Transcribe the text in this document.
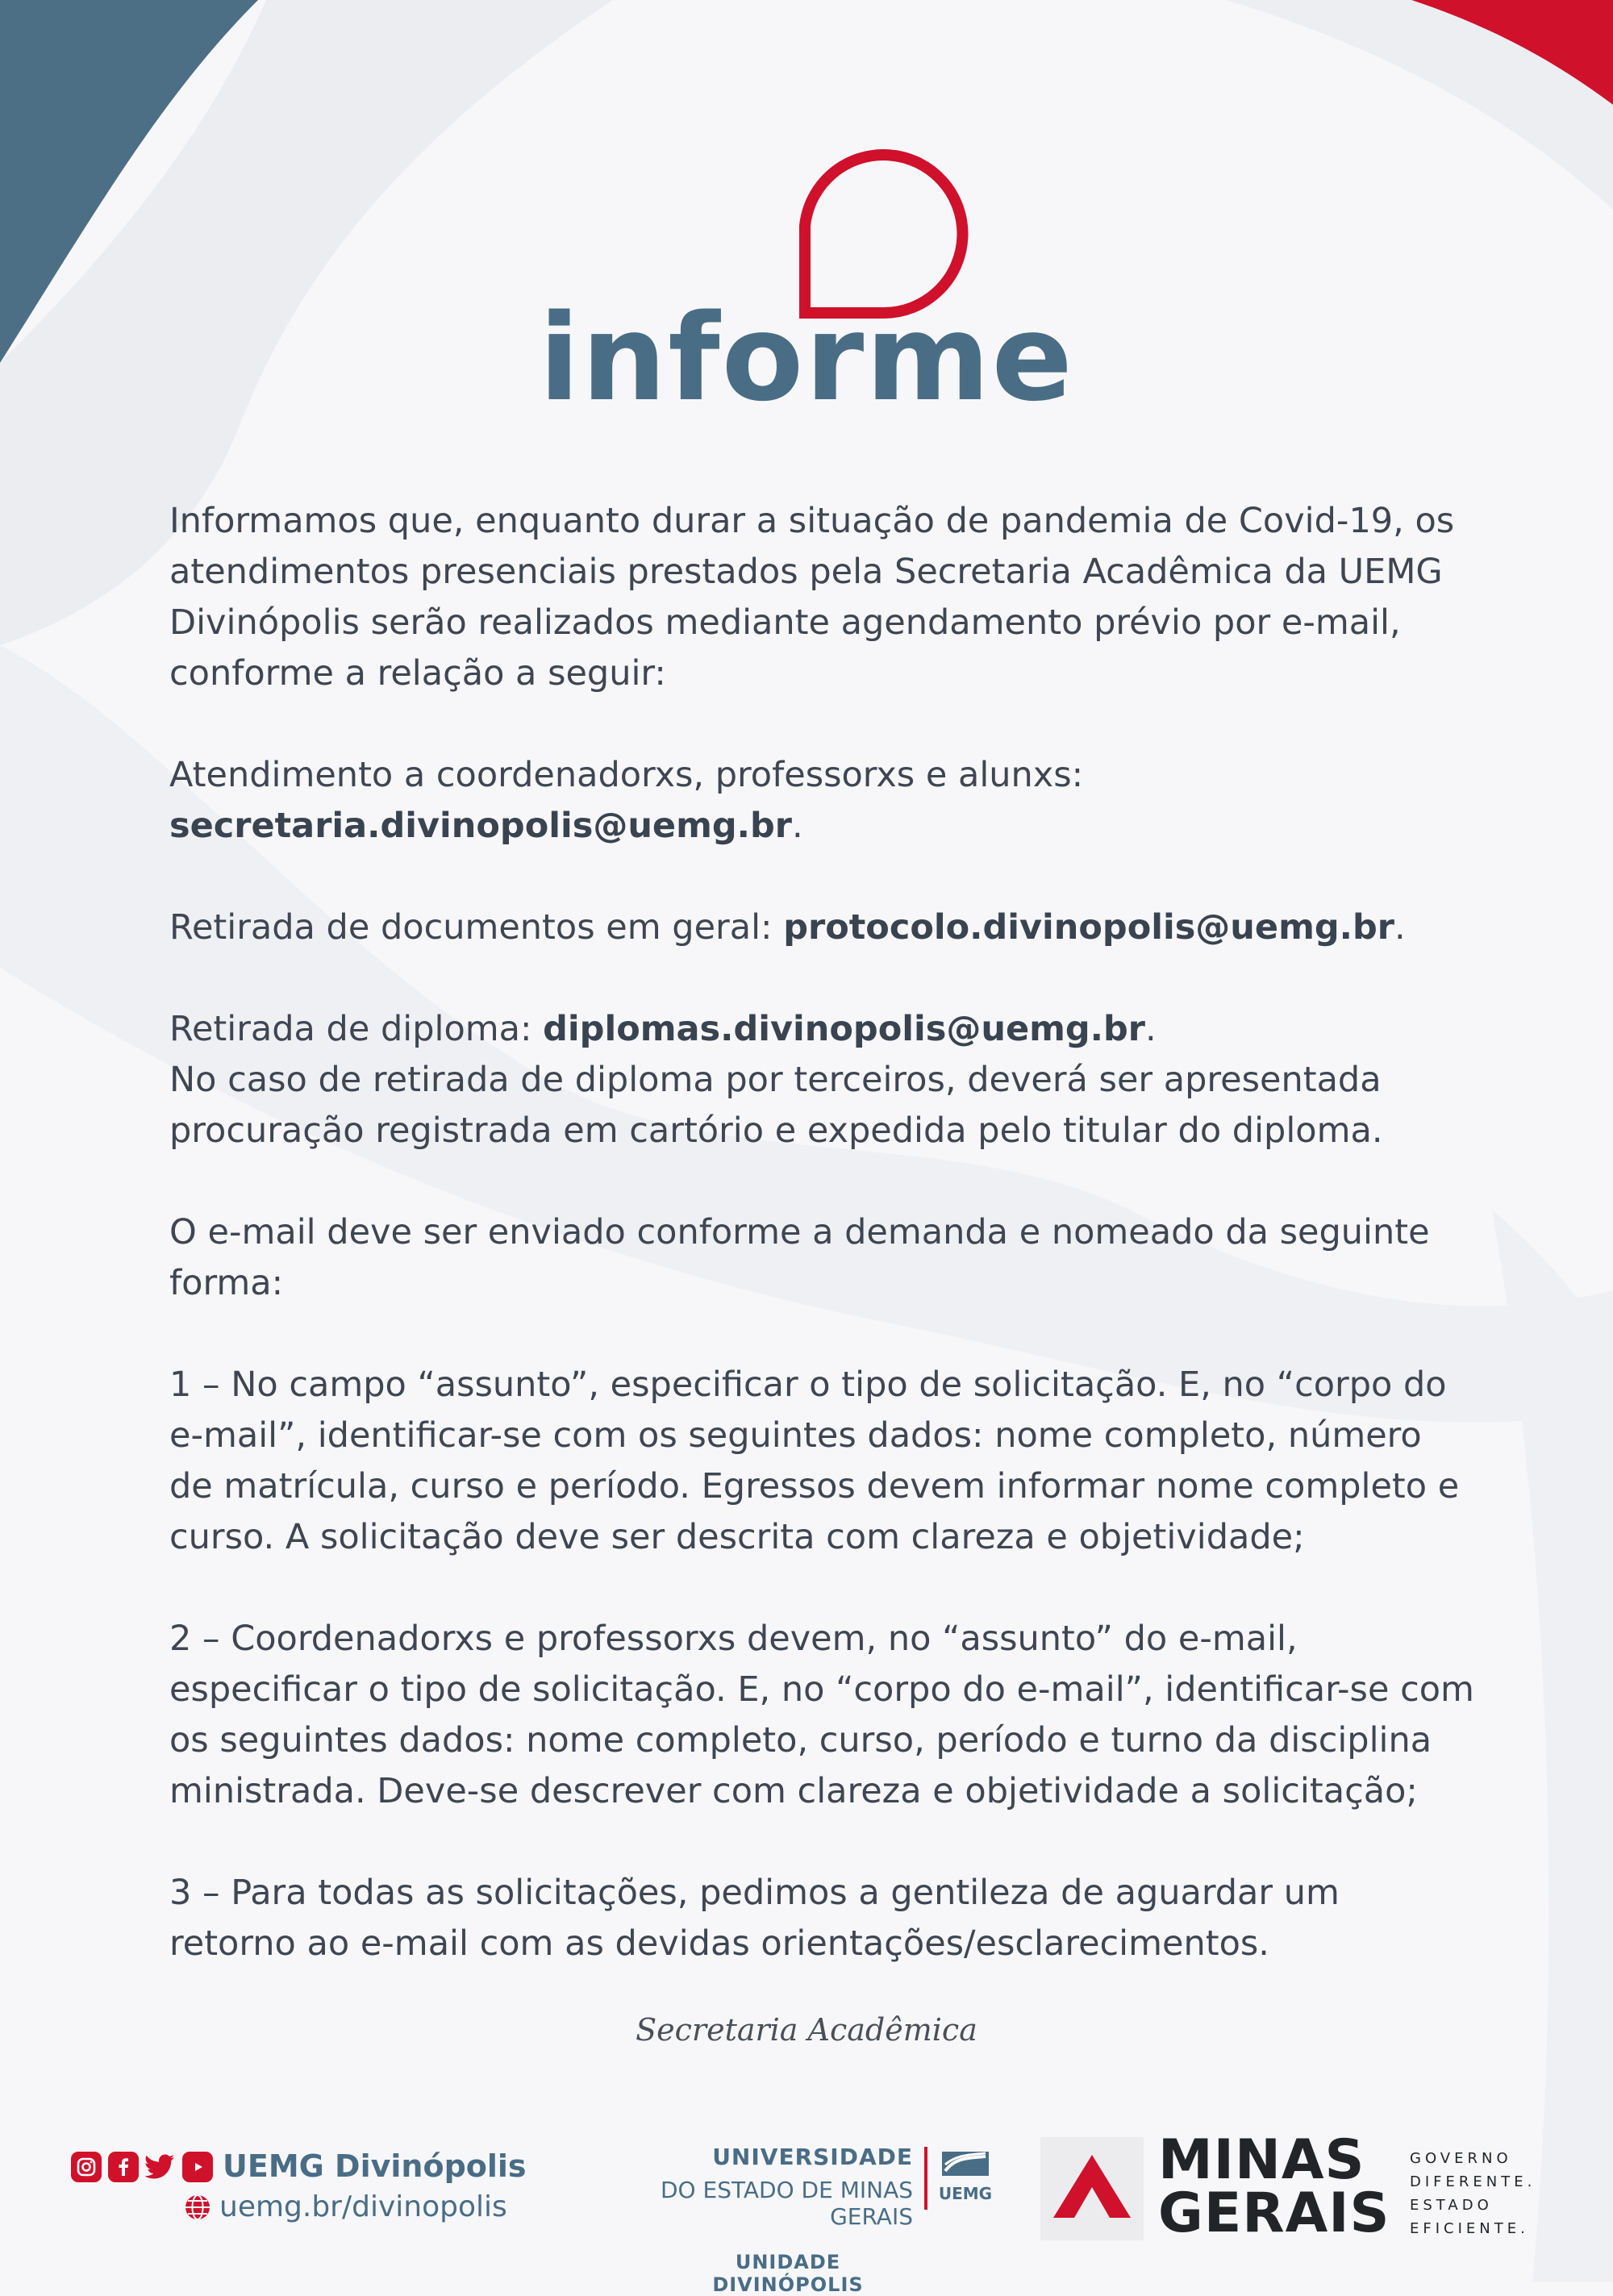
informe

Informamos que, enquanto durar a situação de pandemia de Covid-19, os atendimentos presenciais prestados pela Secretaria Acadêmica da UEMG Divinópolis serão realizados mediante agendamento prévio por e-mail, conforme a relação a seguir:

Atendimento a coordenadorxs, professorxs e alunxs:
secretaria.divinopolis@uemg.br.

Retirada de documentos em geral: protocolo.divinopolis@uemg.br.

Retirada de diploma: diplomas.divinopolis@uemg.br.
No caso de retirada de diploma por terceiros, deverá ser apresentada procuração registrada em cartório e expedida pelo titular do diploma.

O e-mail deve ser enviado conforme a demanda e nomeado da seguinte forma:

1 – No campo “assunto”, especificar o tipo de solicitação. E, no “corpo do e-mail”, identificar-se com os seguintes dados: nome completo, número de matrícula, curso e período. Egressos devem informar nome completo e curso. A solicitação deve ser descrita com clareza e objetividade;

2 – Coordenadorxs e professorxs devem, no “assunto” do e-mail, especificar o tipo de solicitação. E, no “corpo do e-mail”, identificar-se com os seguintes dados: nome completo, curso, período e turno da disciplina ministrada. Deve-se descrever com clareza e objetividade a solicitação;

3 – Para todas as solicitações, pedimos a gentileza de aguardar um retorno ao e-mail com as devidas orientações/esclarecimentos.

Secretaria Acadêmica
UEMG Divinópolis
uemg.br/divinopolis
UNIVERSIDADE
DO ESTADO DE MINAS GERAIS
UNIDADE DIVINÓPOLIS
UEMG
MINAS
GERAIS
GOVERNO
DIFERENTE.
ESTADO
EFICIENTE.
